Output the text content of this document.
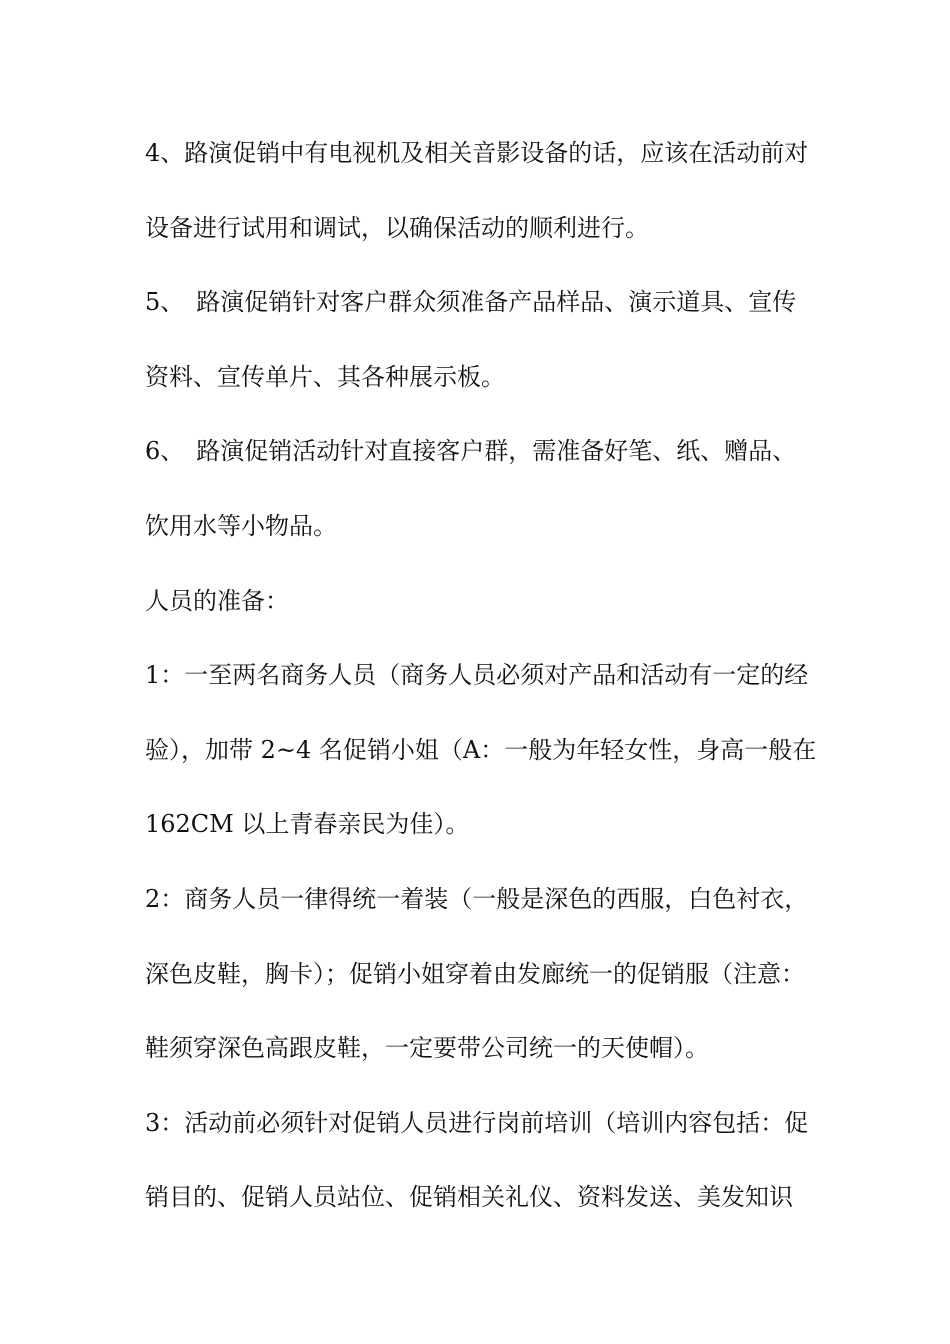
4、路演促销中有电视机及相关音影设备的话，应该在活动前对

设备进行试用和调试，以确保活动的顺利进行。

5、　路演促销针对客户群众须准备产品样品、演示道具、宣传

资料、宣传单片、其各种展示板。

6、　路演促销活动针对直接客户群，需准备好笔、纸、赠品、

饮用水等小物品。

人员的准备：

1：一至两名商务人员（商务人员必须对产品和活动有一定的经

验），加带 2~4 名促销小姐（A：一般为年轻女性，身高一般在

162CM 以上青春亲民为佳）。

2：商务人员一律得统一着装（一般是深色的西服，白色衬衣，

深色皮鞋，胸卡）；促销小姐穿着由发廊统一的促销服（注意：

鞋须穿深色高跟皮鞋，一定要带公司统一的天使帽）。

3：活动前必须针对促销人员进行岗前培训（培训内容包括：促

销目的、促销人员站位、促销相关礼仪、资料发送、美发知识
